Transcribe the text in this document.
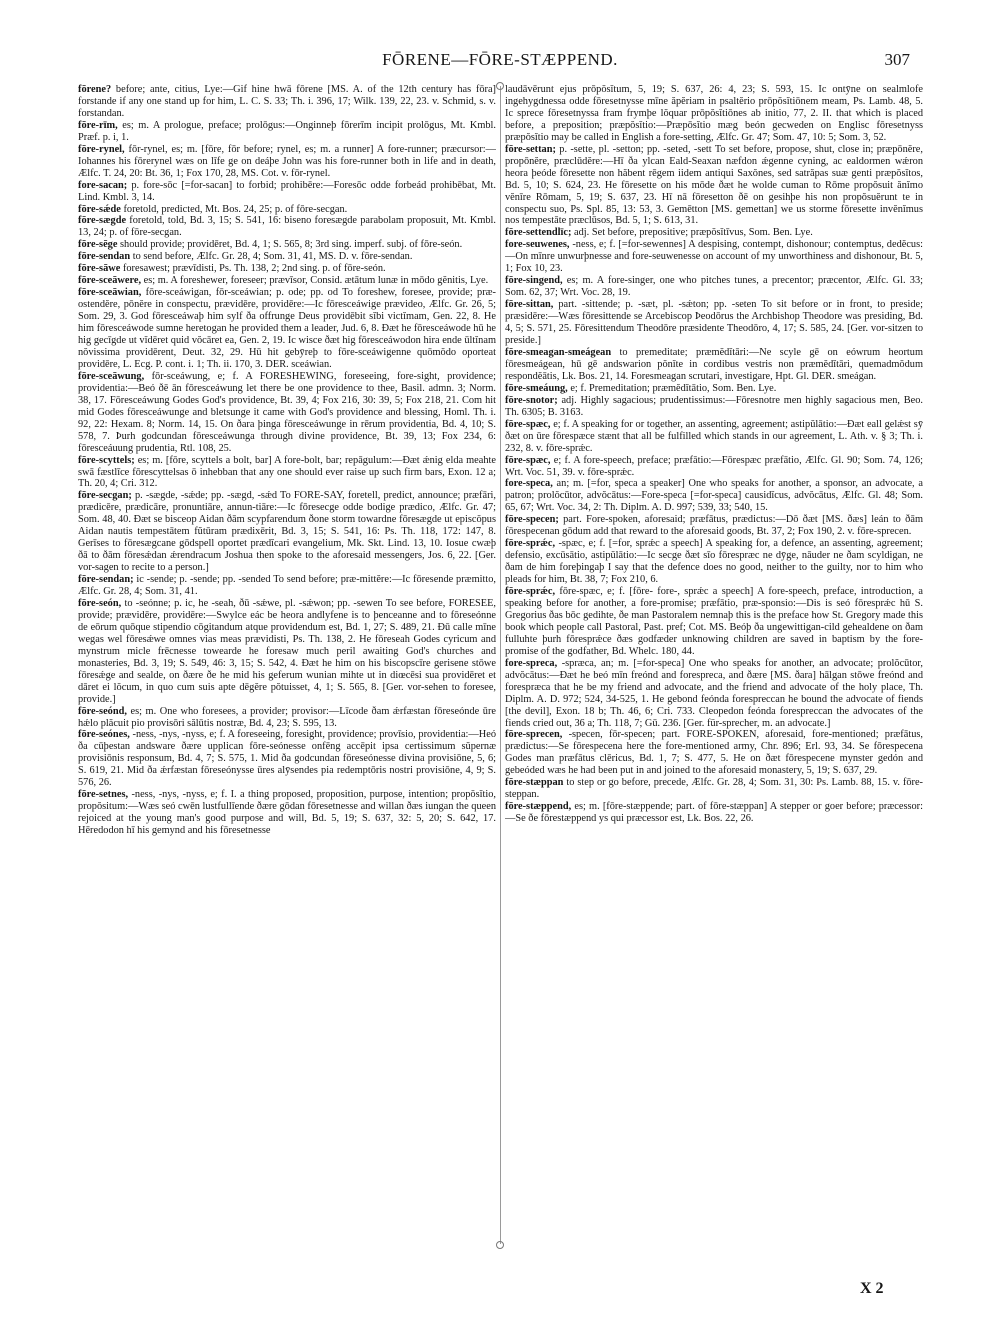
FŌRENE—FŌRE-STÆPPEND.	307

fōrene? before; ante, citius, Lye:—Gif hine hwā fōrene [MS. A. of the 12th century has fōra] forstande if any one stand up for him, L. C. S. 33; Th. i. 396, 17; Wilk. 139, 22, 23. v. Schmid, s. v. forstandan.

fōre-rīm, es; m. A prologue, preface; prolōgus:—Onginneþ fōrerīm incipit prolōgus, Mt. Kmbl. Præf. p. i, 1.

fōre-rynel, fōr-rynel, es; m. [fōre, fōr before; rynel, es; m. a runner] A fore-runner; præcursor:—Iohannes his fōrerynel wæs on līfe ge on deáþe John was his fore-runner both in life and in death, Ælfc. T. 24, 20: Bt. 36, 1; Fox 170, 28, MS. Cot. v. fōr-rynel.

fore-sacan; p. fore-sōc [=for-sacan] to forbid; prohibēre:—Foresōc odde forbeád prohibēbat, Mt. Lind. Kmbl. 3, 14.

fōre-sǽde foretold, predicted, Mt. Bos. 24, 25; p. of fōre-secgan.

fōre-sægde foretold, told, Bd. 3, 15; S. 541, 16: biseno foresægde parabolam proposuit, Mt. Kmbl. 13, 24; p. of fōre-secgan.

fōre-sēge should provide; providēret, Bd. 4, 1; S. 565, 8; 3rd sing. imperf. subj. of fōre-seón.

fōre-sendan to send before, Ælfc. Gr. 28, 4; Som. 31, 41, MS. D. v. fōre-sendan.

fōre-sāwe foresawest; prævīdisti, Ps. Th. 138, 2; 2nd sing. p. of fōre-seón.

fōre-sceāwere, es; m. A foreshewer, foreseer; prævīsor, Consid. ætātum lunæ in mōdo gĕnitis, Lye.

fōre-sceāwian, fōre-sceáwigan, fōr-sceáwian; p. ode; pp. od To foreshew, foresee, provide; præ-ostendĕre, pōnĕre in conspectu, prævidēre, providēre:—Ic fōresceáwige prævideo, Ælfc. Gr. 26, 5; Som. 29, 3. God fōresceáwaþ him sylf ða offrunge Deus providēbit sĭbi victĭmam, Gen. 22, 8. He him fōresceáwode sumne heretogan he provided them a leader, Jud. 6, 8. Ðæt he fōresceáwode hū he hig gecīgde ut vĭdēret quid vŏcāret ea, Gen. 2, 19. Ic wisce ðæt hig fōresceáwodon hira ende ūltĭnam nŏvissima providērent, Deut. 32, 29. Hū hit gebȳreþ to fōre-sceáwigenne quōmŏdo oporteat providēre, L. Ecg. P. cont. i. 1; Th. ii. 170, 3. DER. sceáwian.

fōre-sceāwung, fōr-sceáwung, e; f. A FORESHEWING, foreseeing, fore-sight, providence; providentia:—Beó ðē ān fōresceáwung let there be one providence to thee, Basil. admn. 3; Norm. 38, 17. Fōresceáwung Godes God's providence, Bt. 39, 4; Fox 216, 30: 39, 5; Fox 218, 21. Com hit mid Godes fōresceáwunge and bletsunge it came with God's providence and blessing, Homl. Th. i. 92, 22: Hexam. 8; Norm. 14, 15. On ðara þinga fōresceáwunge in rērum providentia, Bd. 4, 10; S. 578, 7. Þurh godcundan fōresceáwunga through divine providence, Bt. 39, 13; Fox 234, 6: fōresceáuung prudentia, Rtl. 108, 25.

fōre-scyttels; es; m. [fōre, scyttels a bolt, bar] A fore-bolt, bar; repāgulum:—Ðæt ǽnig elda meahte swā fæstlīce fōrescyttelsas ō inhebban that any one should ever raise up such firm bars, Exon. 12 a; Th. 20, 4; Cri. 312.

fōre-secgan; p. -sægde, -sǽde; pp. -sægd, -sǽd To FORE-SAY, foretell, predict, announce; præfāri, prædicēre, prædicāre, pronuntiāre, annun-tiāre:—Ic fōresecge odde bodige prædico, Ælfc. Gr. 47; Som. 48, 40. Ðæt se bisceop Aidan ðām scypfarendum ðone storm towardne fōresægde ut episcŏpus Aidan nautis tempestātem fŭtūram prædixērit, Bd. 3, 15; S. 541, 16: Ps. Th. 118, 172: 147, 8. Gerīses to fōresægcane gōdspell oportet prædĭcari evangelium, Mk. Skt. Lind. 13, 10. Iosue cwæþ ðā to ðām fōresǽdan ǽrendracum Joshua then spoke to the aforesaid messengers, Jos. 6, 22. [Ger. vor-sagen to recite to a person.]

fōre-sendan; ic -sende; p. -sende; pp. -sended To send before; præ-mittĕre:—Ic fōresende præmitto, Ælfc. Gr. 28, 4; Som. 31, 41.

fōre-seón, to -seónne; p. ic, he -seah, ðū -sǽwe, pl. -sǽwon; pp. -sewen To see before, FORESEE, provide; prævidēre, providēre:—Swylce eác be heora andlyfene is to þenceanne and to fōreseónne de eōrum quōque stipendio cōgitandum atque providendum est, Bd. 1, 27; S. 489, 21. Ðū calle mīne wegas wel fōresǽwe omnes vias meas prævidisti, Ps. Th. 138, 2. He fōreseah Godes cyricum and mynstrum micle frēcnesse towearde he foresaw much peril awaiting God's churches and monasteries, Bd. 3, 19; S. 549, 46: 3, 15; S. 542, 4. Ðæt he him on his biscopscīre gerisene stōwe fōresǽge and sealde, on ðære ðe he mid his geferum wunian mihte ut in diœcēsi sua providēret et dāret ei lŏcum, in quo cum suis apte dēgĕre pŏtuisset, 4, 1; S. 565, 8. [Ger. vor-sehen to foresee, provide.]

fōre-seónd, es; m. One who foresees, a provider; provisor:—Līcode ðam ǽrfæstan fōreseónde ūre hǽlo plăcuit pio provisōri sălūtis nostræ, Bd. 4, 23; S. 595, 13.

fōre-seónes, -ness, -nys, -nyss, e; f. A foreseeing, foresight, providence; provīsio, providentia:—Heó ða cūþestan andsware ðære upplican fōre-seónesse onfēng accēpit ipsa certissimum sŭpernæ provisiōnis responsum, Bd. 4, 7; S. 575, 1. Mid ða godcundan fōreseónesse divina provisiōne, 5, 6; S. 619, 21. Mid ða ǽrfæstan fōreseónysse ūres alȳsendes pia redemptōris nostri provisiōne, 4, 9; S. 576, 26.

fōre-setnes, -ness, -nys, -nyss, e; f. I. a thing proposed, proposition, purpose, intention; propŏsĭtio, propŏsitum:—Wæs seó cwēn lustfullīende ðære gōdan fōresetnesse and willan ðæs iungan the queen rejoiced at the young man's good purpose and will, Bd. 5, 19; S. 637, 32: 5, 20; S. 642, 17. Hēredodon hī his gemynd and his fōresetnesse

laudāvērunt ejus prōpŏsĭtum, 5, 19; S. 637, 26: 4, 23; S. 593, 15. Ic ontȳne on sealmlofe ingehygdnessa odde fōresetnysse mīne ăpĕriam in psaltĕrio prōpŏsĭtiōnem meam, Ps. Lamb. 48, 5. Ic sprece fōresetnyssa fram frymþe lŏquar prōpŏsĭtiōnes ab initio, 77, 2. II. that which is placed before, a preposition; præpŏsĭtio:—Præpōsĭtio mæg beón gecweden on Englisc fōresetnyss præpŏsĭtio may be called in English a fore-setting, Ælfc. Gr. 47; Som. 47, 10: 5; Som. 3, 52.

fōre-settan; p. -sette, pl. -setton; pp. -seted, -sett To set before, propose, shut, close in; præpōnĕre, propōnĕre, præclūdĕre:—Hī ða ylcan Eald-Seaxan næfdon ǽgenne cyning, ac ealdormen wǽron heora þeóde fōresette non hăbent rēgem iidem antiqui Saxŏnes, sed satrăpas suæ genti præpŏsĭtos, Bd. 5, 10; S. 624, 23. He fōresette on his mōde ðæt he wolde cuman to Rōme propŏsuit ănĭmo vĕnīre Rōmam, 5, 19; S. 637, 23. Hī nā fōresetton ðē on gesihþe his non propŏsuĕrunt te in conspectu suo, Ps. Spl. 85, 13: 53, 3. Gemētton [MS. gemettan] we us storme fōresette invĕnĭmus nos tempestāte præclūsos, Bd. 5, 1; S. 613, 31.

fōre-settendlīc; adj. Set before, prepositive; præpŏsĭtīvus, Som. Ben. Lye.

fore-seuwenes, -ness, e; f. [=for-sewennes] A despising, contempt, dishonour; contemptus, dedĕcus:—On mīnre unwurþnesse and fore-seuwenesse on account of my unworthiness and dishonour, Bt. 5, 1; Fox 10, 23.

fōre-singend, es; m. A fore-singer, one who pitches tunes, a precentor; præcentor, Ælfc. Gl. 33; Som. 62, 37; Wrt. Voc. 28, 19.

fōre-sittan, part. -sittende; p. -sæt, pl. -sǽton; pp. -seten To sit before or in front, to preside; præsidēre:—Wæs fōresittende se Arcebiscop Þeodōrus the Archbishop Theodore was presiding, Bd. 4, 5; S. 571, 25. Fōresittendum Theodōre præsidente Theodōro, 4, 17; S. 585, 24. [Ger. vor-sitzen to preside.]

fōre-smeagan-smeágean to premeditate; præmĕdĭtāri:—Ne scyle gē on eówrum heortum fōresmeágean, hū gē andswarion pŏnĭte in cordibus vestris non præmĕdĭtāri, quemadmŏdum respondĕātis, Lk. Bos. 21, 14. Foresmeagan scrutari, investigare, Hpt. Gl. DER. smeágan.

fōre-smeáung, e; f. Premeditation; præmĕdĭtātio, Som. Ben. Lye.

fōre-snotor; adj. Highly sagacious; prudentissimus:—Fōresnotre men highly sagacious men, Beo. Th. 6305; B. 3163.

fōre-spæc, e; f. A speaking for or together, an assenting, agreement; astipŭlātio:—Ðæt eall gelǽst sȳ ðæt on ūre fōrespæce stænt that all be fulfilled which stands in our agreement, L. Ath. v. § 3; Th. i. 232, 8. v. fōre-sprǽc.

fōre-spæc, e; f. A fore-speech, preface; præfātio:—Fōrespæc præfātio, Ælfc. Gl. 90; Som. 74, 126; Wrt. Voc. 51, 39. v. fōre-sprǽc.

fore-speca, an; m. [=for, speca a speaker] One who speaks for another, a sponsor, an advocate, a patron; prolŏcūtor, advŏcātus:—Fore-speca [=for-speca] causidĭcus, advŏcātus, Ælfc. Gl. 48; Som. 65, 67; Wrt. Voc. 34, 2: Th. Diplm. A. D. 997; 539, 33; 540, 15.

fōre-specen; part. Fore-spoken, aforesaid; præfātus, prædictus:—Dō ðæt [MS. ðæs] leán to ðām fōrespecenan gōdum add that reward to the aforesaid goods, Bt. 37, 2; Fox 190, 2. v. fōre-sprecen.

fōre-sprǽc, -spæc, e; f. [=for, sprǽc a speech] A speaking for, a defence, an assenting, agreement; defensio, excūsātio, astipŭlātio:—Ic secge ðæt sīo fōrespræc ne dȳge, nāuder ne ðam scyldigan, ne ðam de him foreþingaþ I say that the defence does no good, neither to the guilty, nor to him who pleads for him, Bt. 38, 7; Fox 210, 6.

fōre-sprǽc, fōre-spæc, e; f. [fōre- fore-, sprǽc a speech] A fore-speech, preface, introduction, a speaking before for another, a fore-promise; præfātio, præ-sponsio:—Dis is seó fōresprǽc hū S. Gregorius ðas bōc gedihte, ðe man Pastoralem nemnaþ this is the preface how St. Gregory made this book which people call Pastoral, Past. pref; Cot. MS. Beóþ ða ungewittigan-cild gehealdene on ðam fulluhte þurh fōresprǽce ðæs godfæder unknowing children are saved in baptism by the fore-promise of the godfather, Bd. Whelc. 180, 44.

fore-spreca, -spræca, an; m. [=for-speca] One who speaks for another, an advocate; prolŏcūtor, advŏcātus:—Ðæt he beó mīn freónd and forespreca, and ðære [MS. ðara] hālgan stōwe freónd and forespræca that he be my friend and advocate, and the friend and advocate of the holy place, Th. Diplm. A. D. 972; 524, 34-525, 1. He gebond feónda forespreccan he bound the advocate of fiends [the devil], Exon. 18 b; Th. 46, 6; Cri. 733. Cleopedon feónda forespreccan the advocates of the fiends cried out, 36 a; Th. 118, 7; Gū. 236. [Ger. für-sprecher, m. an advocate.]

fōre-sprecen, -specen, fōr-specen; part. FORE-SPOKEN, aforesaid, fore-mentioned; præfātus, prædictus:—Se fōrespecena here the fore-mentioned army, Chr. 896; Erl. 93, 34. Se fōrespecena Godes man præfātus clēricus, Bd. 1, 7; S. 477, 5. He on ðæt fōrespecene mynster gedón and gebeóded wæs he had been put in and joined to the aforesaid monastery, 5, 19; S. 637, 29.

fōre-stæppan to step or go before, precede, Ælfc. Gr. 28, 4; Som. 31, 30: Ps. Lamb. 88, 15. v. fōre-steppan.

fōre-stæppend, es; m. [fōre-stæppende; part. of fōre-stæppan] A stepper or goer before; præcessor:—Se ðe fōrestæppend ys qui præcessor est, Lk. Bos. 22, 26.

X 2
